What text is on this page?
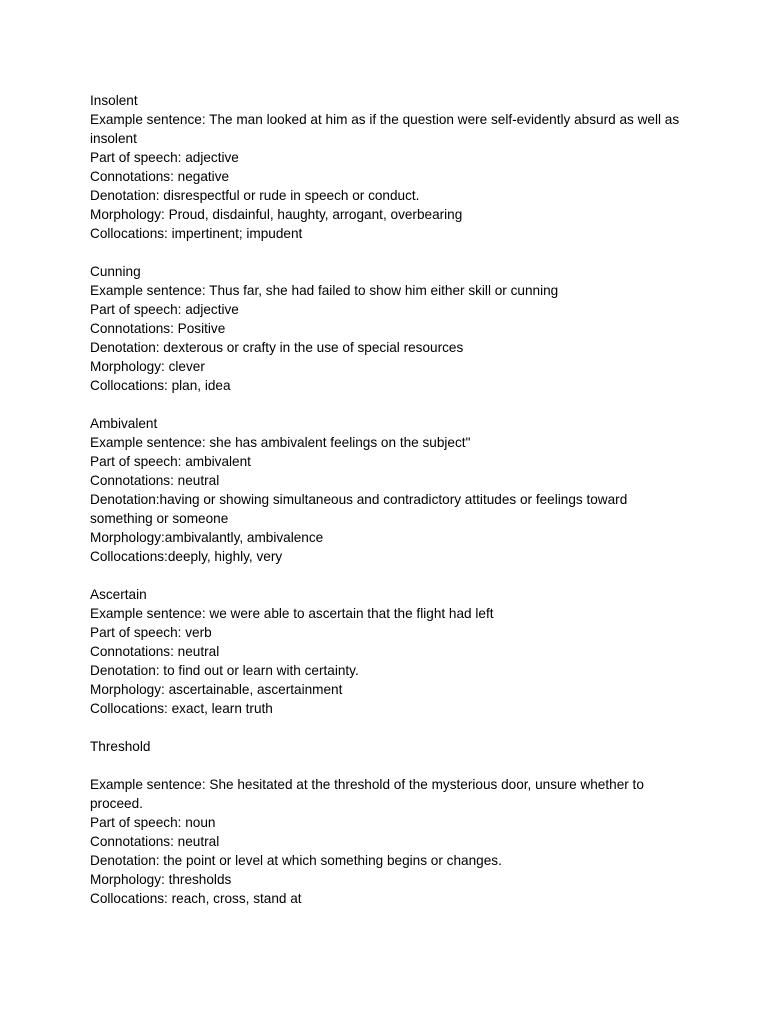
Insolent

Example sentence: The man looked at him as if the question were self-evidently absurd as well as insolent

Part of speech: adjective

Connotations: negative

Denotation: disrespectful or rude in speech or conduct.

Morphology: Proud, disdainful, haughty, arrogant, overbearing

Collocations: impertinent; impudent

Cunning

Example sentence: Thus far, she had failed to show him either skill or cunning

Part of speech: adjective

Connotations: Positive

Denotation: dexterous or crafty in the use of special resources

Morphology: clever

Collocations: plan, idea

Ambivalent

Example sentence: she has ambivalent feelings on the subject"

Part of speech: ambivalent

Connotations: neutral

Denotation:having or showing simultaneous and contradictory attitudes or feelings toward something or someone

Morphology:ambivalantly, ambivalence

Collocations:deeply, highly, very

Ascertain

Example sentence: we were able to ascertain that the flight had left

Part of speech: verb

Connotations: neutral

Denotation: to find out or learn with certainty.

Morphology: ascertainable, ascertainment

Collocations: exact, learn truth

Threshold

Example sentence: She hesitated at the threshold of the mysterious door, unsure whether to proceed.

Part of speech: noun

Connotations: neutral

Denotation: the point or level at which something begins or changes.

Morphology: thresholds

Collocations: reach, cross, stand at
